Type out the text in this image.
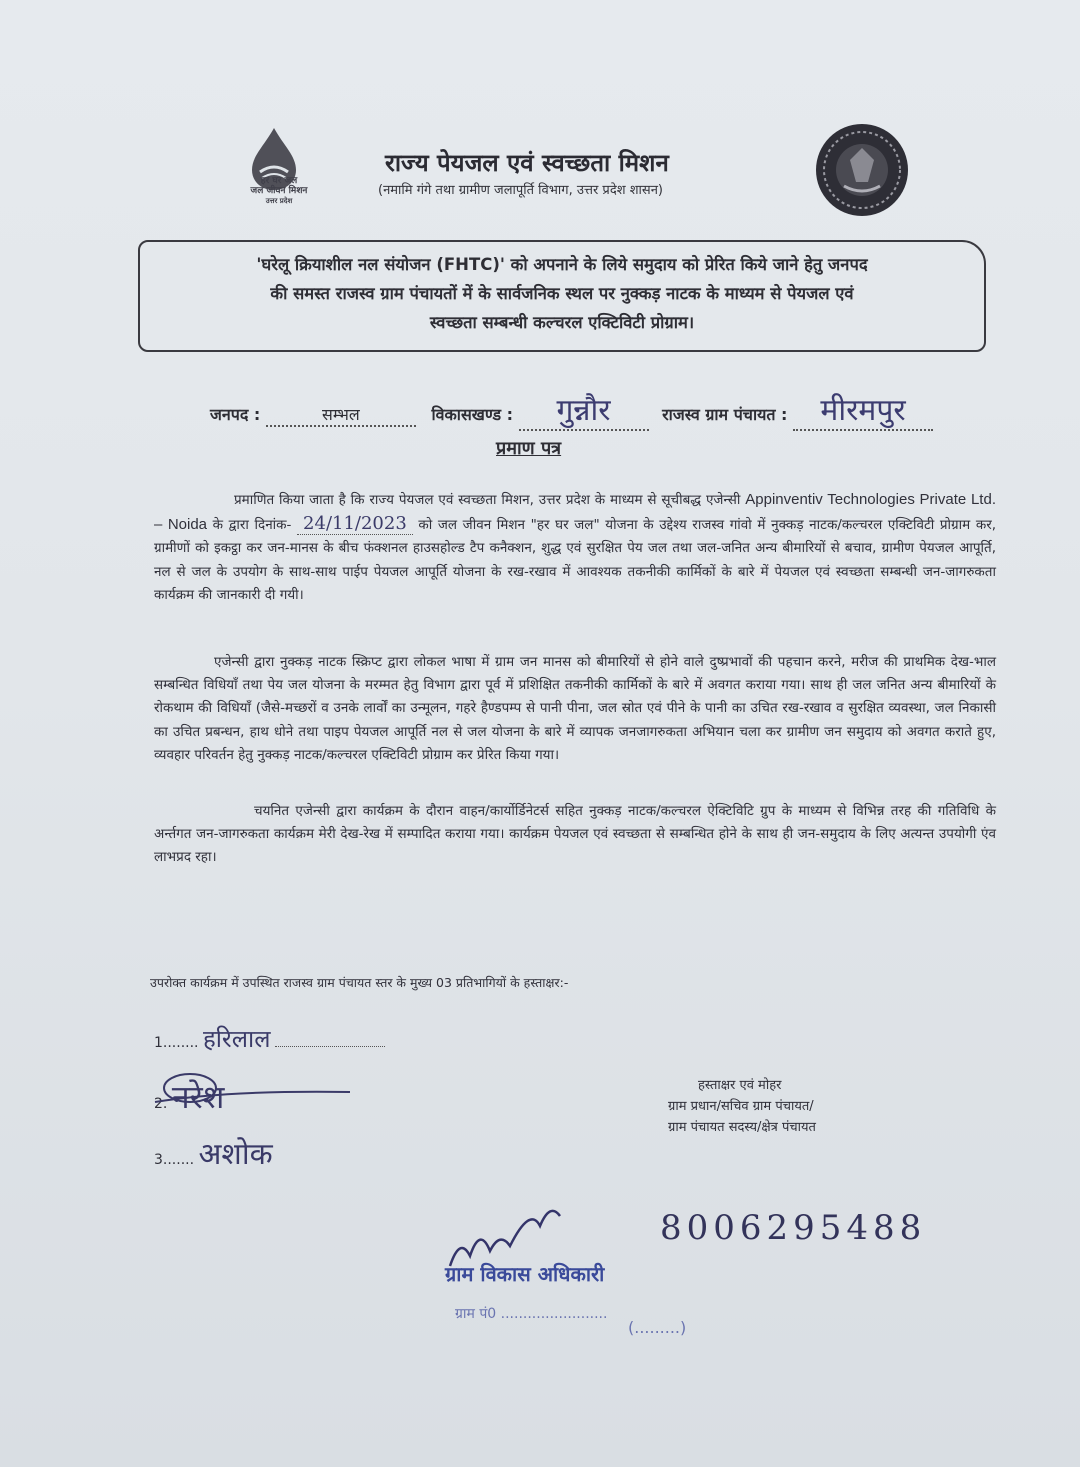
हर घर जल
जल जीवन मिशन
उत्तर प्रदेश
राज्य पेयजल एवं स्वच्छता मिशन
(नमामि गंगे तथा ग्रामीण जलापूर्ति विभाग, उत्तर प्रदेश शासन)
'घरेलू क्रियाशील नल संयोजन (FHTC)' को अपनाने के लिये समुदाय को प्रेरित किये जाने हेतु जनपद
की समस्त राजस्व ग्राम पंचायतों में के सार्वजनिक स्थल पर नुक्कड़ नाटक के माध्यम से पेयजल एवं
स्वच्छता सम्बन्धी कल्चरल एक्टिविटी प्रोग्राम।
जनपद :	सम्भल	विकासखण्ड : गुन्नौर	राजस्व ग्राम पंचायत : मीरमपुर
प्रमाण पत्र
प्रमाणित किया जाता है कि राज्य पेयजल एवं स्वच्छता मिशन, उत्तर प्रदेश के माध्यम से सूचीबद्ध एजेन्सी Appinventiv Technologies Private Ltd. – Noida के द्वारा दिनांक- 24/11/2023 को जल जीवन मिशन "हर घर जल" योजना के उद्देश्य राजस्व गांवो में नुक्कड़ नाटक/कल्चरल एक्टिविटी प्रोग्राम कर, ग्रामीणों को इकट्ठा कर जन-मानस के बीच फंक्शनल हाउसहोल्ड टैप कनैक्शन, शुद्ध एवं सुरक्षित पेय जल तथा जल-जनित अन्य बीमारियों से बचाव, ग्रामीण पेयजल आपूर्ति, नल से जल के उपयोग के साथ-साथ पाईप पेयजल आपूर्ति योजना के रख-रखाव में आवश्यक तकनीकी कार्मिकों के बारे में पेयजल एवं स्वच्छता सम्बन्धी जन-जागरुकता कार्यक्रम की जानकारी दी गयी।
एजेन्सी द्वारा नुक्कड़ नाटक स्क्रिप्ट द्वारा लोकल भाषा में ग्राम जन मानस को बीमारियों से होने वाले दुष्प्रभावों की पहचान करने, मरीज की प्राथमिक देख-भाल सम्बन्धित विधियाँ तथा पेय जल योजना के मरम्मत हेतु विभाग द्वारा पूर्व में प्रशिक्षित तकनीकी कार्मिकों के बारे में अवगत कराया गया। साथ ही जल जनित अन्य बीमारियों के रोकथाम की विधियाँ (जैसे-मच्छरों व उनके लार्वों का उन्मूलन, गहरे हैण्डपम्प से पानी पीना, जल स्रोत एवं पीने के पानी का उचित रख-रखाव व सुरक्षित व्यवस्था, जल निकासी का उचित प्रबन्धन, हाथ धोने तथा पाइप पेयजल आपूर्ति नल से जल योजना के बारे में व्यापक जनजागरुकता अभियान चला कर ग्रामीण जन समुदाय को अवगत कराते हुए, व्यवहार परिवर्तन हेतु नुक्कड़ नाटक/कल्चरल एक्टिविटी प्रोग्राम कर प्रेरित किया गया।
चयनित एजेन्सी द्वारा कार्यक्रम के दौरान वाहन/कार्योर्डिनेटर्स सहित नुक्कड़ नाटक/कल्चरल ऐक्टिविटि ग्रुप के माध्यम से विभिन्न तरह की गतिविधि के अर्न्तगत जन-जागरुकता कार्यक्रम मेरी देख-रेख में सम्पादित कराया गया। कार्यक्रम पेयजल एवं स्वच्छता से सम्बन्धित होने के साथ ही जन-समुदाय के लिए अत्यन्त उपयोगी एंव लाभप्रद रहा।
उपरोक्त कार्यक्रम में उपस्थित राजस्व ग्राम पंचायत स्तर के मुख्य 03 प्रतिभागियों के हस्ताक्षर:-
1........ हरिलाल
2. नरेश
3....... अशोक
हस्ताक्षर एवं मोहर
ग्राम प्रधान/सचिव ग्राम पंचायत/
ग्राम पंचायत सदस्य/क्षेत्र पंचायत
8006295488
ग्राम विकास अधिकारी
ग्राम पं0 ........................
(.........)
